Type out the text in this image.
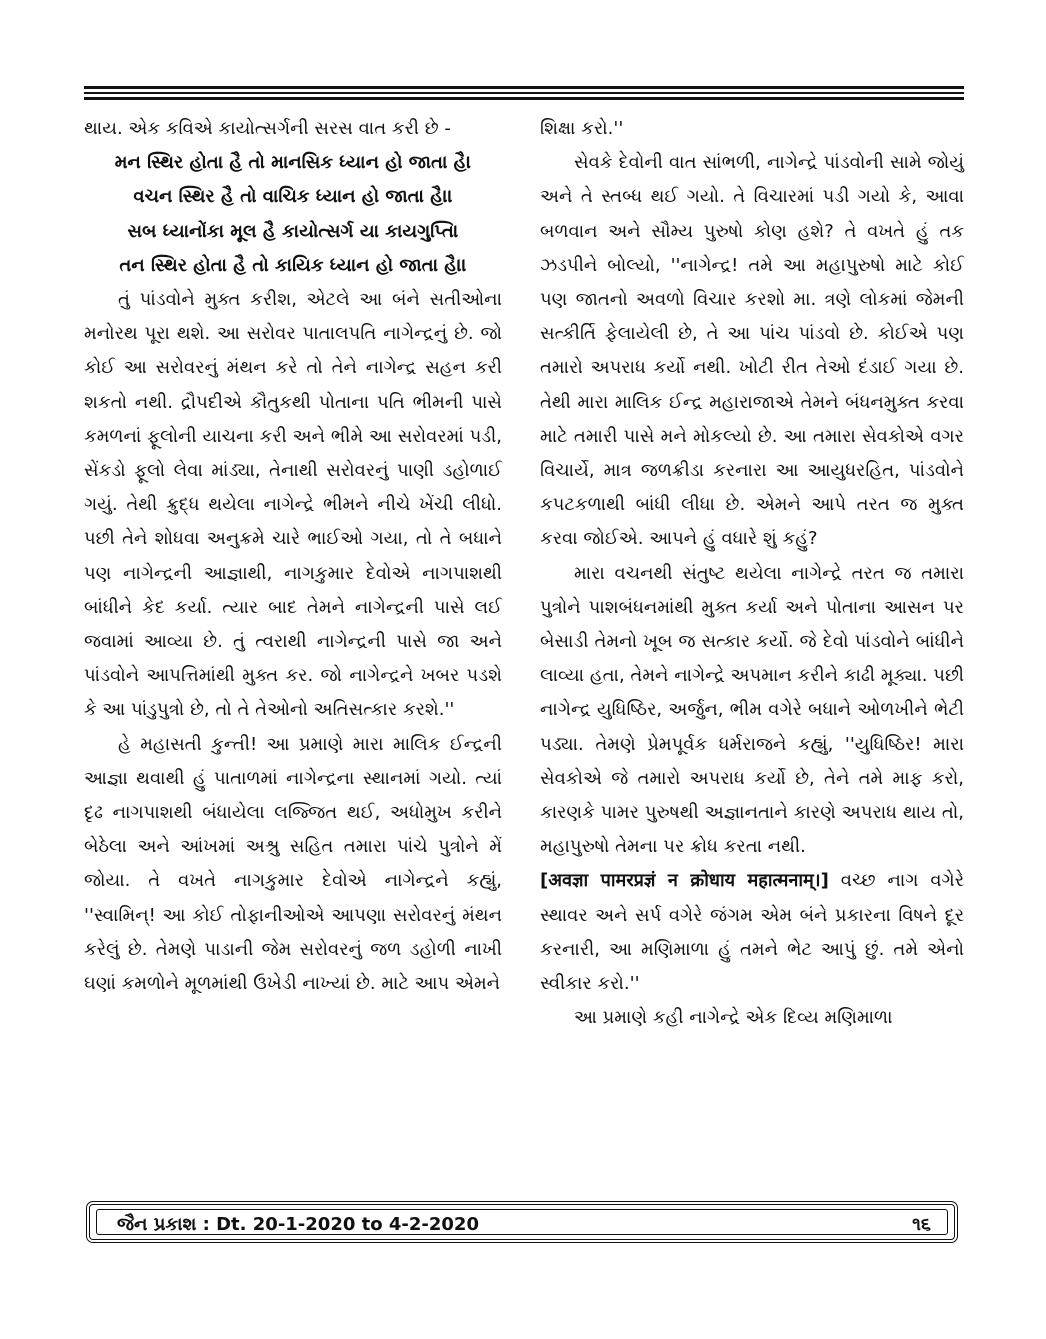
થાય. એક કવિએ કાયોત્સર્ગની સરસ વાત કરી છે -

મન સ્થિર હોતા હૈ તો માનસિક ધ્યાન હો જાતા હૈ।

વચન સ્થિર હૈ તો વાચિક ધ્યાન હો જાતા હૈ।।

સબ ધ્યાનોંકા મૂલ હૈ કાયોત્સર્ગ યા કાયગુપ્તિ।

તન સ્થિર હોતા હૈ તો કાયિક ધ્યાન હો જાતા હૈ।।

તું પાંડવોને મુક્ત કરીશ, એટલે આ બંને સતીઓના મનોરથ પૂરા થશે. આ સરોવર પાતાલપતિ નાગેન્દ્રનું છે. જો કોઈ આ સરોવરનું મંથન કરે તો તેને નાગેન્દ્ર સહન કરી શકતો નથી. દ્રૌપદીએ કૌતુકથી પોતાના પતિ ભીમની પાસે કમળનાં ફૂલોની યાચના કરી અને ભીમે આ સરોવરમાં પડી, સેંકડો ફૂલો લેવા માંડ્યા, તેનાથી સરોવરનું પાણી ડહોળાઈ ગયું. તેથી ક્રુદ્ધ થયેલા નાગેન્દ્રે ભીમને નીચે ખેંચી લીધો. પછી તેને શોધવા અનુક્રમે ચારે ભાઈઓ ગયા, તો તે બધાને પણ નાગેન્દ્રની આજ્ઞાથી, નાગકુમાર દેવોએ નાગપાશથી બાંધીને કેદ કર્યા. ત્યાર બાદ તેમને નાગેન્દ્રની પાસે લઈ જવામાં આવ્યા છે. તું ત્વરાથી નાગેન્દ્રની પાસે જા અને પાંડવોને આપત્તિમાંથી મુક્ત કર. જો નાગેન્દ્રને ખબર પડશે કે આ પાંડુપુત્રો છે, તો તે તેઓનો અતિસત્કાર કરશે.''

હે મહાસતી કુન્તી! આ પ્રમાણે મારા માલિક ઈન્દ્રની આજ્ઞા થવાથી હું પાતાળમાં નાગેન્દ્રના સ્થાનમાં ગયો. ત્યાં દૃઢ નાગપાશથી બંધાયેલા લજ્જિત થઈ, અધોમુખ કરીને બેઠેલા અને આંખમાં અશ્રુ સહિત તમારા પાંચે પુત્રોને મેં જોયા. તે વખતે નાગકુમાર દેવોએ નાગેન્દ્રને કહ્યું, ''સ્વામિન્! આ કોઈ તોફાનીઓએ આપણા સરોવરનું મંથન કરેલું છે. તેમણે પાડાની જેમ સરોવરનું જળ ડહોળી નાખી ઘણાં કમળોને મૂળમાંથી ઉખેડી નાખ્યાં છે. માટે આપ એમને

શિક્ષા કરો.''

સેવકે દેવોની વાત સાંભળી, નાગેન્દ્રે પાંડવોની સામે જોયું અને તે સ્તબ્ધ થઈ ગયો. તે વિચારમાં પડી ગયો કે, આવા બળવાન અને સૌમ્ય પુરુષો કોણ હશે? તે વખતે હું તક ઝડપીને બોલ્યો, ''નાગેન્દ્ર! તમે આ મહાપુરુષો માટે કોઈ પણ જાતનો અવળો વિચાર કરશો મા. ત્રણે લોકમાં જેમની સત્કીર્તિ ફેલાયેલી છે, તે આ પાંચ પાંડવો છે. કોઈએ પણ તમારો અપરાધ કર્યો નથી. ખોટી રીત તેઓ દંડાઈ ગયા છે. તેથી મારા માલિક ઈન્દ્ર મહારાજાએ તેમને બંધનમુક્ત કરવા માટે તમારી પાસે મને મોકલ્યો છે. આ તમારા સેવકોએ વગર વિચાર્યે, માત્ર જળક્રીડા કરનારા આ આયુધરહિત, પાંડવોને કપટકળાથી બાંધી લીધા છે. એમને આપે તરત જ મુક્ત કરવા જોઈએ. આપને હું વધારે શું કહું?

મારા વચનથી સંતુષ્ટ થયેલા નાગેન્દ્રે તરત જ તમારા પુત્રોને પાશબંધનમાંથી મુક્ત કર્યા અને પોતાના આસન પર બેસાડી તેમનો ખૂબ જ સત્કાર કર્યો. જે દેવો પાંડવોને બાંધીને લાવ્યા હતા, તેમને નાગેન્દ્રે અપમાન કરીને કાઢી મૂક્યા. પછી નાગેન્દ્ર યુધિષ્ઠિર, અર્જુન, ભીમ વગેરે બધાને ઓળખીને ભેટી પડ્યા. તેમણે પ્રેમપૂર્વક ધર્મરાજને કહ્યું, ''યુધિષ્ઠિર! મારા સેવકોએ જે તમારો અપરાધ કર્યો છે, તેને તમે માફ કરો, કારણકે પામર પુરુષથી અજ્ઞાનતાને કારણે અપરાધ થાય તો, મહાપુરુષો તેમના પર ક્રોધ કરતા નથી.

[अवज्ञा पामरप्रज्ञं न क्रोधाय महात्मनाम्।] વચ્છ નાગ વગેરે સ્થાવર અને સર્પ વગેરે જંગમ એમ બંને પ્રકારના વિષને દૂર કરનારી, આ મણિમાળા હું તમને ભેટ આપું છું. તમે એનો સ્વીકાર કરો.''

આ પ્રમાણે કહી નાગેન્દ્રે એક દિવ્ય મણિમાળા

જૈન પ્રકાશ : Dt. 20-1-2020 to 4-2-2020	૧૬
